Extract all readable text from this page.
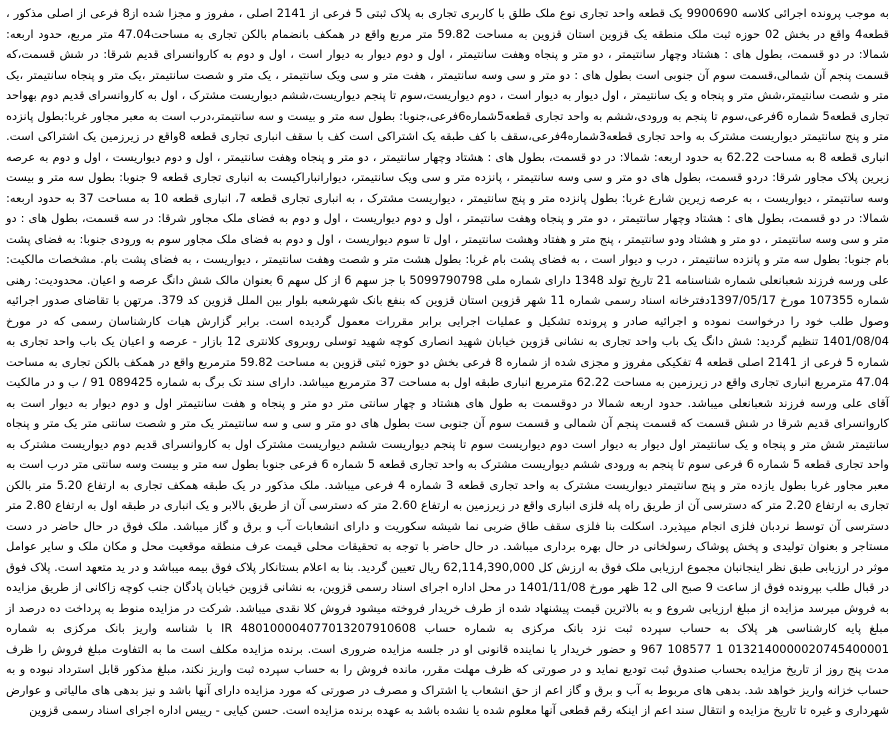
به موجب پرونده اجرائی کلاسه 9900690 یک قطعه واحد تجاری نوع ملک طلق با کاربری تجاری به پلاک ثبتی 5 فرعی از 2141 اصلی ، مفروز و مجزا شده از8 فرعی از اصلی مذکور ، قطعه4 واقع در بخش 02 حوزه ثبت ملک منطقه یک قزوین استان قزوین به مساحت 59.82 متر مربع واقع در همکف بانضمام بالکن تجاری به مساحت47.04 متر مربع، حدود اربعه: شمالا: در دو قسمت، بطول های : هشتاد وچهار سانتیمتر ، دو متر و پنجاه وهفت سانتیمتر ، اول و دوم دیوار به دیوار است ، اول و دوم به کاروانسرای قدیم شرقا: در شش قسمت،که قسمت پنجم آن شمالی،قسمت سوم آن جنوبی است بطول های : دو متر و سی وسه سانتیمتر ، هفت متر و سی ویک سانتیمتر ، یک متر و شصت سانتیمتر ،یک متر و پنجاه سانتیمتر ،یک متر و شصت سانتیمتر،شش متر و پنجاه و یک سانتیمتر ، اول دیوار به دیوار است ، دوم دیواریست،سوم تا پنجم دیواریست،ششم دیواریست مشترک ، اول به کاروانسرای قدیم دوم بهواحد تجاری قطعه5 شماره 6فرعی،سوم تا پنجم به ورودی،ششم به واحد تجاری قطعه5شماره6فرعی،جنوبا: بطول سه متر و بیست و سه سانتیمتر،درب است به معبر مجاور غربا:بطول پانزده متر و پنج سانتیمتر دیواریست مشترک به واحد تجاری قطعه3شماره4فرعی،سقف با کف طبقه یک اشتراکی است کف با سقف انباری تجاری قطعه 8واقع در زیرزمین یک اشتراکی است. انباری قطعه 8 به مساحت 62.22 به حدود اربعه: شمالا: در دو قسمت، بطول های : هشتاد وچهار سانتیمتر ، دو متر و پنجاه وهفت سانتیمتر ، اول و دوم دیواریست ، اول و دوم به عرصه زیرین پلاک مجاور شرقا: دردو قسمت، بطول های دو متر و سی وسه سانتیمتر ، پانزده متر و سی ویک سانتیمتر، دیوارانباراکیست به انباری تجاری قطعه 9 جنوبا: بطول سه متر و بیست وسه سانتیمتر ، دیواریست ، به عرصه زیرین شارع غربا: بطول پانزده متر و پنج سانتیمتر ، دیواریست مشترک ، به انباری تجاری قطعه 7، انباری قطعه 10 به مساحت 37 به حدود اربعه: شمالا: در دو قسمت، بطول های : هشتاد وچهار سانتیمتر ، دو متر و پنجاه وهفت سانتیمتر ، اول و دوم دیواریست ، اول و دوم به فضای ملک مجاور شرقا: در سه قسمت، بطول های : دو متر و سی وسه سانتیمتر ، دو متر و هشتاد ودو سانتیمتر ، پنج متر و هفتاد وهشت سانتیمتر ، اول تا سوم دیواریست ، اول و دوم به فضای ملک مجاور سوم به ورودی جنوبا: به فضای پشت بام جنوبا: بطول سه متر و پانزده سانتیمتر ، درب و دیوار است ، به فضای پشت بام غربا: بطول هشت متر و شصت وهفت سانتیمتر ، دیواریست ، به فضای پشت بام. مشخصات مالکیت: علی ورسه فرزند شعبانعلی شماره شناسنامه 21 تاریخ تولد 1348 دارای شماره ملی 5099790798 با جز سهم 6 از کل سهم 6 بعنوان مالک شش دانگ عرصه و اعیان. محدودیت: رهنی شماره 107355 مورخ 1397/05/17دفترخانه اسناد رسمی شماره 11 شهر قزوین استان قزوین که بنفع بانک شهرشعبه بلوار بین الملل قزوین کد 379. مرتهن با تقاضای صدور اجرائیه وصول طلب خود را درخواست نموده و اجرائیه صادر و پرونده تشکیل و عملیات اجرایی برابر مقررات معمول گردیده است. برابر گزارش هیات کارشناسان رسمی که در مورخ 1401/08/04 تنظیم گردید: شش دانگ یک باب واحد تجاری به نشانی قزوین خیابان شهید انصاری کوچه شهید توسلی روبروی کلانتری 12 بازار - عرصه و اعیان یک باب واحد تجاری به شماره 5 فرعی از 2141 اصلی قطعه 4 تفکیکی مفروز و مجزی شده از شماره 8 فرعی بخش دو حوزه ثبتی قزوین به مساحت 59.82 مترمربع واقع در همکف بالکن تجاری به مساحت 47.04 مترمربع انباری تجاری واقع در زیرزمین به مساحت 62.22 مترمربع انباری طبقه اول به مساحت 37 مترمربع میباشد. دارای سند تک برگ به شماره 089425 91 / ب و در مالکیت آقای علی ورسه فرزند شعبانعلی میباشد. حدود اربعه شمالا در دوقسمت به طول های هشتاد و چهار سانتی متر دو متر و پنجاه و هفت سانتیمتر اول و دوم دیوار به دیوار است به کاروانسرای قدیم شرقا در شش قسمت که قسمت پنجم آن شمالی و قسمت سوم آن جنوبی ست بطول های دو متر و سی و سه سانتیمتر یک متر و شصت سانتی متر یک متر و پنجاه سانتیمتر شش متر و پنجاه و یک سانتیمتر اول دیوار به دیوار است دوم دیواریست سوم تا پنجم دیواریست ششم دیواریست مشترک اول به کاروانسرای قدیم دوم دیواریست مشترک به واحد تجاری قطعه 5 شماره 6 فرعی سوم تا پنجم به ورودی ششم دیواریست مشترک به واحد تجاری قطعه 5 شماره 6 فرعی جنوبا بطول سه متر و بیست وسه سانتی متر درب است به معبر مجاور غربا بطول یازده متر و پنج سانتیمتر دیواریست مشترک به واحد تجاری قطعه 3 شماره 4 فرعی میباشد. ملک مذکور در یک طبقه همکف تجاری به ارتفاع 5.20 متر بالکن تجاری به ارتفاع 2.20 متر که دسترسی آن از طریق راه پله فلزی انباری واقع در زیرزمین به ارتفاع 2.60 متر که دسترسی آن از طریق بالابر و یک انباری در طبقه اول به ارتفاع 2.80 متر دسترسی آن توسط نردبان فلزی انجام میپذیرد. اسکلت بنا فلزی سقف طاق ضربی نما شیشه سکوریت و دارای انشعابات آب و برق و گاز میباشد. ملک فوق در حال حاضر در دست مستاجر و بعنوان تولیدی و پخش پوشاک رسولخانی در حال بهره برداری میباشد. در حال حاضر با توجه به تحقیقات محلی قیمت عرف منطقه موقعیت محل و مکان ملک و سایر عوامل موثر در ارزیابی طبق نظر اینجانبان مجموع ارزیابی ملک فوق به ارزش کل 62,114,390,000 ریال تعیین گردید. بنا به اعلام بستانکار پلاک فوق بیمه میباشد و در ید متعهد است. پلاک فوق در قبال طلب بپرونده فوق از ساعت 9 صبح الی 12 ظهر مورخ 1401/11/08 در محل اداره اجرای اسناد رسمی قزوین، به نشانی قزوین خیابان پادگان جنب کوچه زاکانی از طریق مزایده به فروش میرسد مزایده از مبلغ ارزیابی شروع و به بالاترین قیمت پیشنهاد شده از طرف خریدار فروخته میشود فروش کلا نقدی میباشد. شرکت در مزایده منوط به پرداخت ده درصد از مبلغ پایه کارشناسی هر پلاک به حساب سپرده ثبت نزد بانک مرکزی به شماره حساب IR 480100004077013207910608 با شناسه واریز بانک مرکزی به شماره 0132140000020745400001 1 108577 967 و حضور خریدار یا نماینده قانونی او در جلسه مزایده ضروری است. برنده مزایده مکلف است ما به التفاوت مبلغ فروش را ظرف مدت پنج روز از تاریخ مزایده بحساب صندوق ثبت تودیع نماید و در صورتی که ظرف مهلت مقرر، مانده فروش را به حساب سپرده ثبت واریز نکند، مبلغ مذکور قابل استرداد نبوده و به حساب خزانه واریز خواهد شد. بدهی های مربوط به آب و برق و گاز اعم از حق انشعاب یا اشتراک و مصرف در صورتی که مورد مزایده دارای آنها باشد و نیز بدهی های مالیاتی و عوارض شهرداری و غیره تا تاریخ مزایده و انتقال سند اعم از اینکه رقم قطعی آنها معلوم شده یا نشده باشد به عهده برنده مزایده است. حسن کیایی - رییس اداره اجرای اسناد رسمی قزوین
